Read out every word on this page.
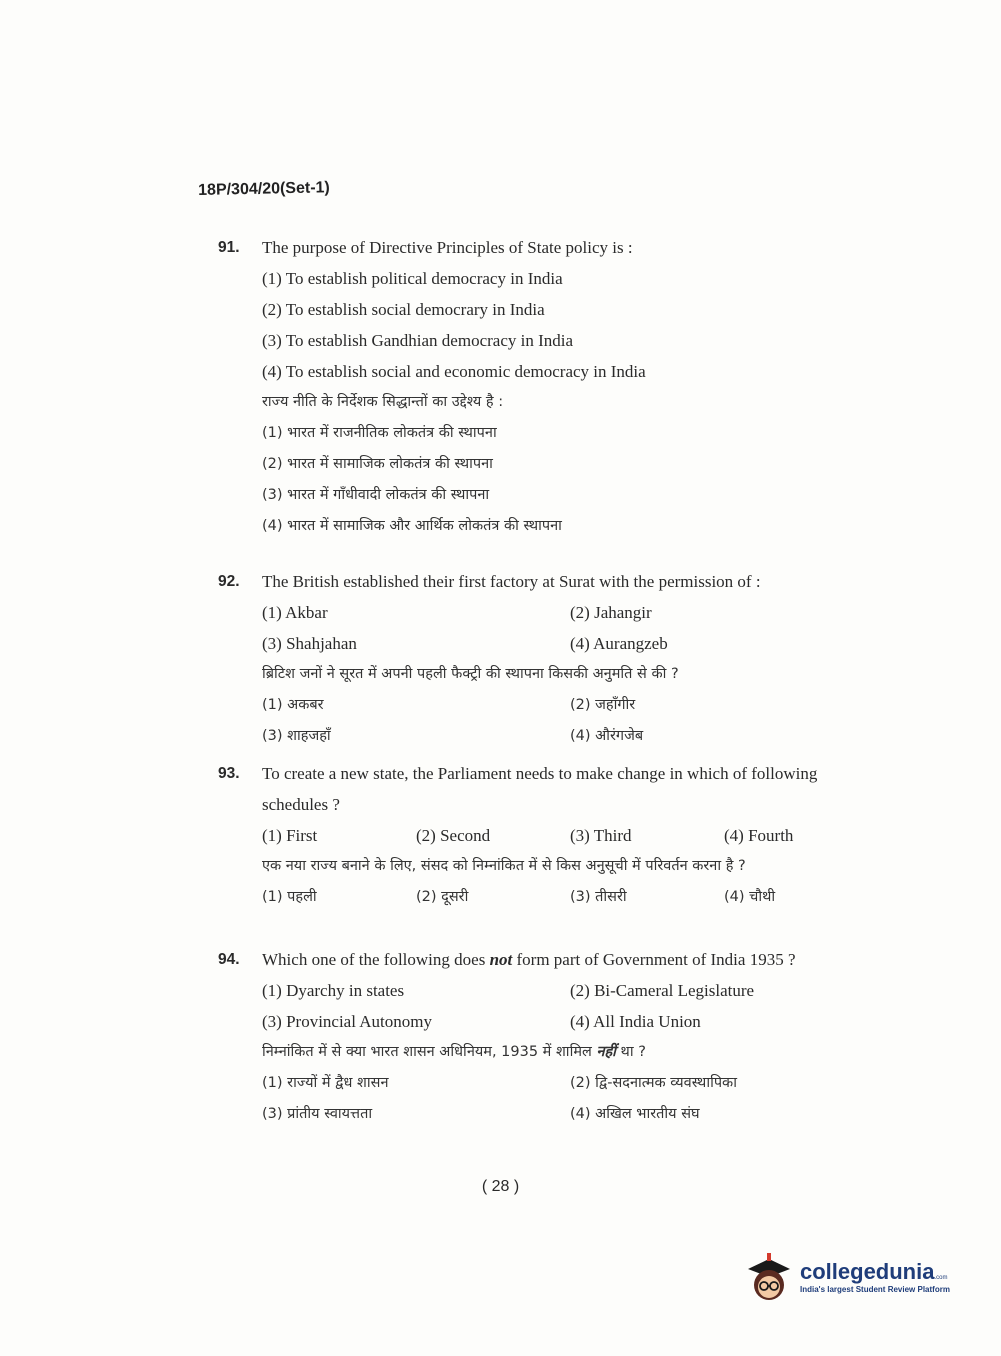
18P/304/20(Set-1)
91.	The purpose of Directive Principles of State policy is :
(1) To establish political democracy in India
(2) To establish social democrary in India
(3) To establish Gandhian democracy in India
(4) To establish social and economic democracy in India
राज्य नीति के निर्देशक सिद्धान्तों का उद्देश्य है :
(1) भारत में राजनीतिक लोकतंत्र की स्थापना
(2) भारत में सामाजिक लोकतंत्र की स्थापना
(3) भारत में गाँधीवादी लोकतंत्र की स्थापना
(4) भारत में सामाजिक और आर्थिक लोकतंत्र की स्थापना
92.	The British established their first factory at Surat with the permission of :
(1) Akbar	(2) Jahangir
(3) Shahjahan	(4) Aurangzeb
ब्रिटिश जनों ने सूरत में अपनी पहली फैक्ट्री की स्थापना किसकी अनुमति से की ?
(1) अकबर	(2) जहाँगीर
(3) शाहजहाँ	(4) औरंगजेब
93.	To create a new state, the Parliament needs to make change in which of following schedules ?
(1) First	(2) Second	(3) Third	(4) Fourth
एक नया राज्य बनाने के लिए, संसद को निम्नांकित में से किस अनुसूची में परिवर्तन करना है ?
(1) पहली	(2) दूसरी	(3) तीसरी	(4) चौथी
94.	Which one of the following does not form part of Government of India 1935 ?
(1) Dyarchy in states	(2) Bi-Cameral Legislature
(3) Provincial Autonomy	(4) All India Union
निम्नांकित में से क्या भारत शासन अधिनियम, 1935 में शामिल नहीं था ?
(1) राज्यों में द्वैध शासन	(2) द्वि-सदनात्मक व्यवस्थापिका
(3) प्रांतीय स्वायत्तता	(4) अखिल भारतीय संघ
( 28 )
collegedunia.com
India's largest Student Review Platform
